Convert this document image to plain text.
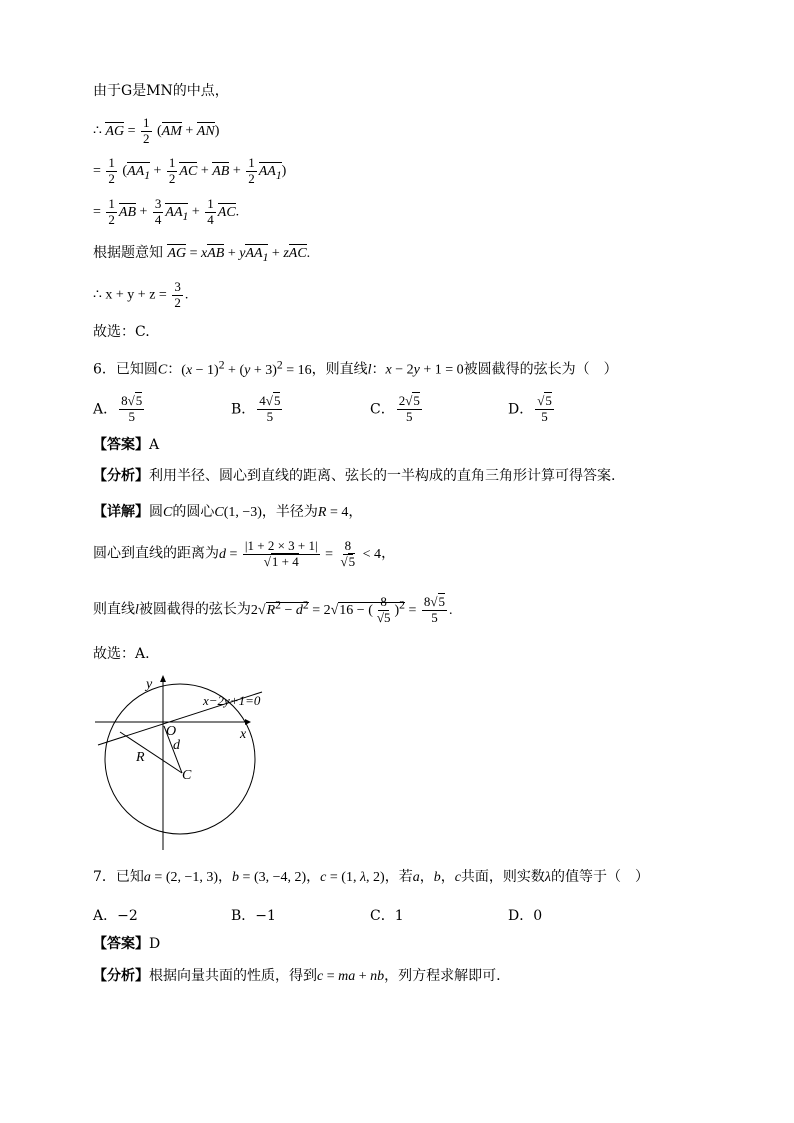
由于G是MN的中点，
∴ AG = $\frac{1}{2} (AM + AN)$
= $\frac{1}{2} (AA_1 + \frac{1}{2}$ AC + AB + $\frac{1}{2} AA_1$)
= $\frac{1}{2}$ AB + $\frac{3}{4} AA_1 + \frac{1}{4}$ AC.
根据题意知 AG = xAB + yAA$_1$ + zAC.
∴ $x + y + z = \frac{3}{2}$ .
故选：C.
6．已知圆C：$(x - 1)^2 + (y + 3)^2 = 16$，则直线l：x − 2y + 1 = 0被圆截得的弦长为（　）
A． $\frac{8√5}{5}$	B． $\frac{4√5}{5}$	C． $\frac{2√5}{5}$	D． $\frac{√5}{5}$
【答案】A
【分析】利用半径、圆心到直线的距离、弦长的一半构成的直角三角形计算可得答案.
【详解】圆C的圆心C(1, −3)，半径为R = 4，
圆心到直线的距离为$d = \frac{|1 + 2 \times 3 + 1|}{√1 + 4} = \frac{8}{√5} < 4$，
则直线l被圆截得的弦长为$2√R^2 - d^2 = 2√16$ − ( $\frac{8}{√5} )^2 = \frac{8√5}{5}$ .
故选：A.
y
x
x−2y+1=0
O
d
R
C
7．已知a = (2, −1, 3)，b = (3, −4, 2)，c = (1, λ, 2)，若a，b，c共面，则实数λ的值等于（　）
A．−2	B．−1	C．1	D．0
【答案】D
【分析】根据向量共面的性质，得到c = ma + nb，列方程求解即可.
